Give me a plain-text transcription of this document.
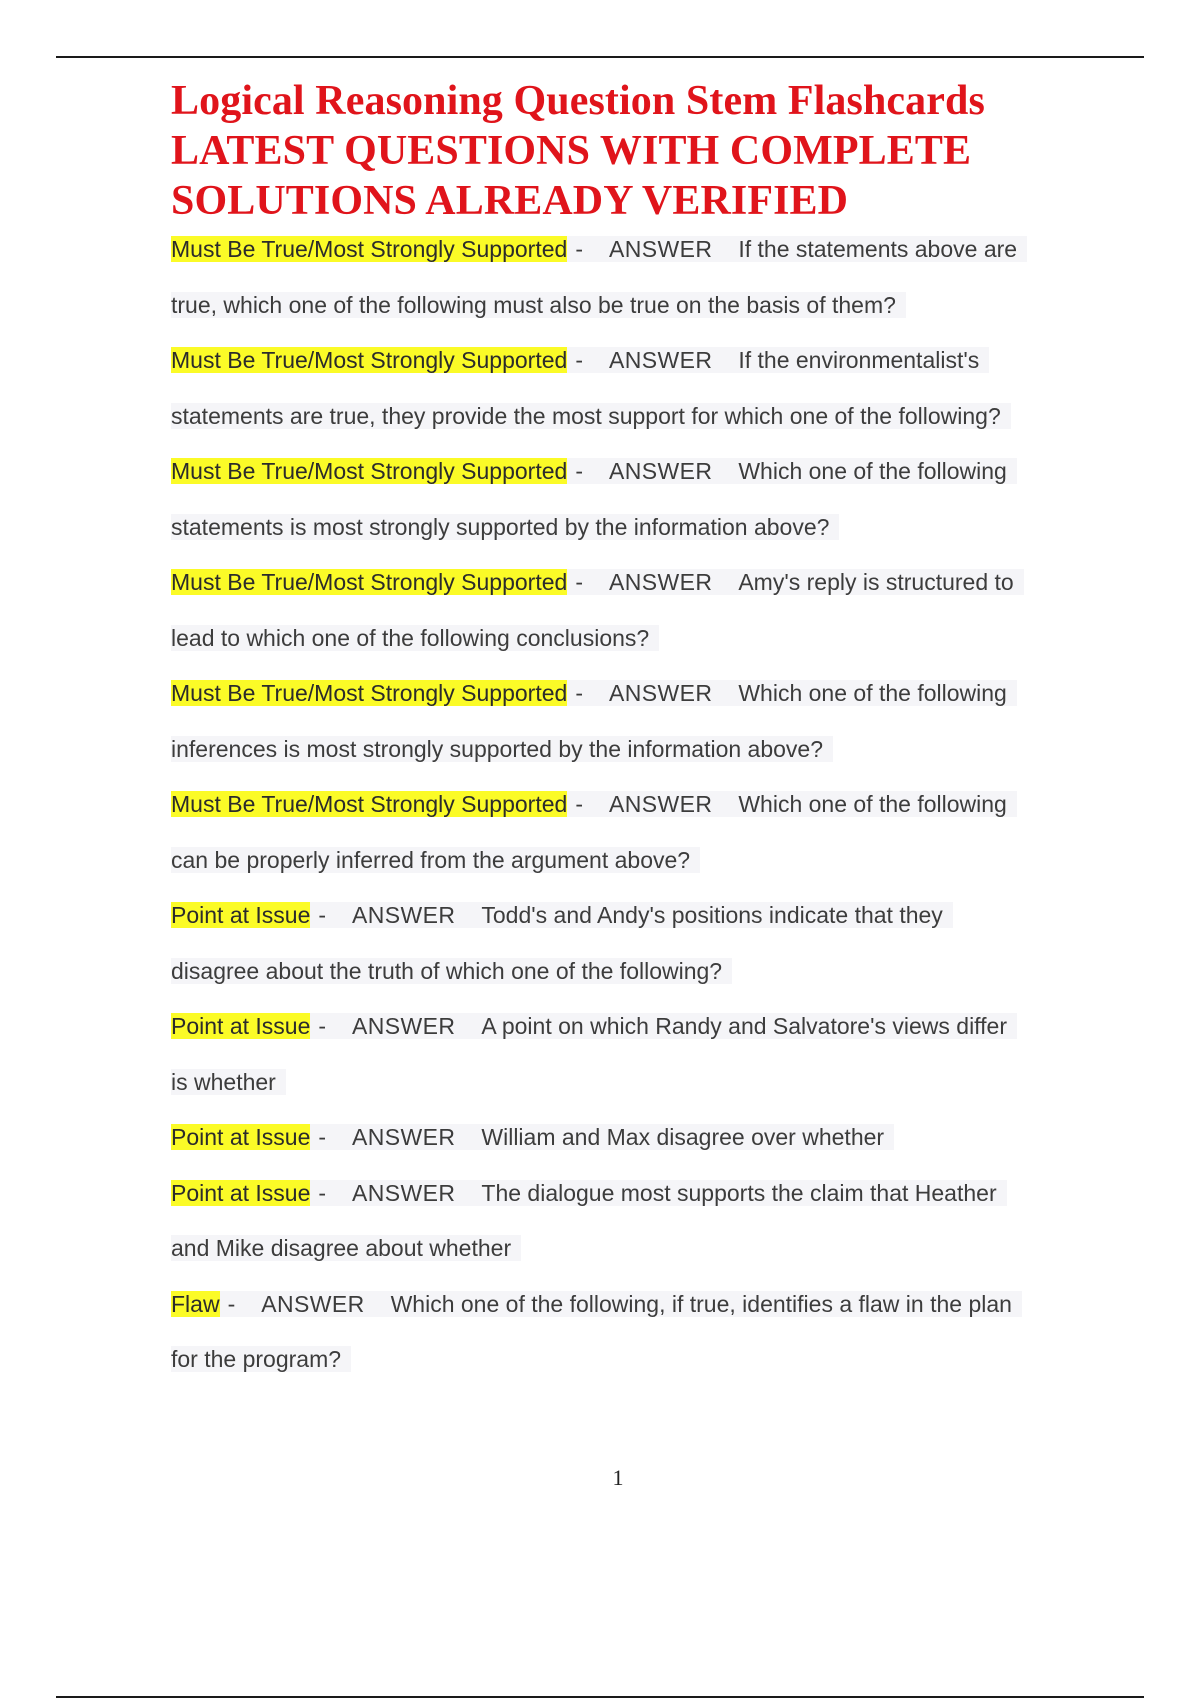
Logical Reasoning Question Stem Flashcards
LATEST QUESTIONS WITH COMPLETE
SOLUTIONS ALREADY VERIFIED
Must Be True/Most Strongly Supported - ANSWER If the statements above are
true, which one of the following must also be true on the basis of them?
Must Be True/Most Strongly Supported - ANSWER If the environmentalist's
statements are true, they provide the most support for which one of the following?
Must Be True/Most Strongly Supported - ANSWER Which one of the following
statements is most strongly supported by the information above?
Must Be True/Most Strongly Supported - ANSWER Amy's reply is structured to
lead to which one of the following conclusions?
Must Be True/Most Strongly Supported - ANSWER Which one of the following
inferences is most strongly supported by the information above?
Must Be True/Most Strongly Supported - ANSWER Which one of the following
can be properly inferred from the argument above?
Point at Issue - ANSWER Todd's and Andy's positions indicate that they
disagree about the truth of which one of the following?
Point at Issue - ANSWER A point on which Randy and Salvatore's views differ
is whether
Point at Issue - ANSWER William and Max disagree over whether
Point at Issue - ANSWER The dialogue most supports the claim that Heather
and Mike disagree about whether
Flaw - ANSWER Which one of the following, if true, identifies a flaw in the plan
for the program?
1
